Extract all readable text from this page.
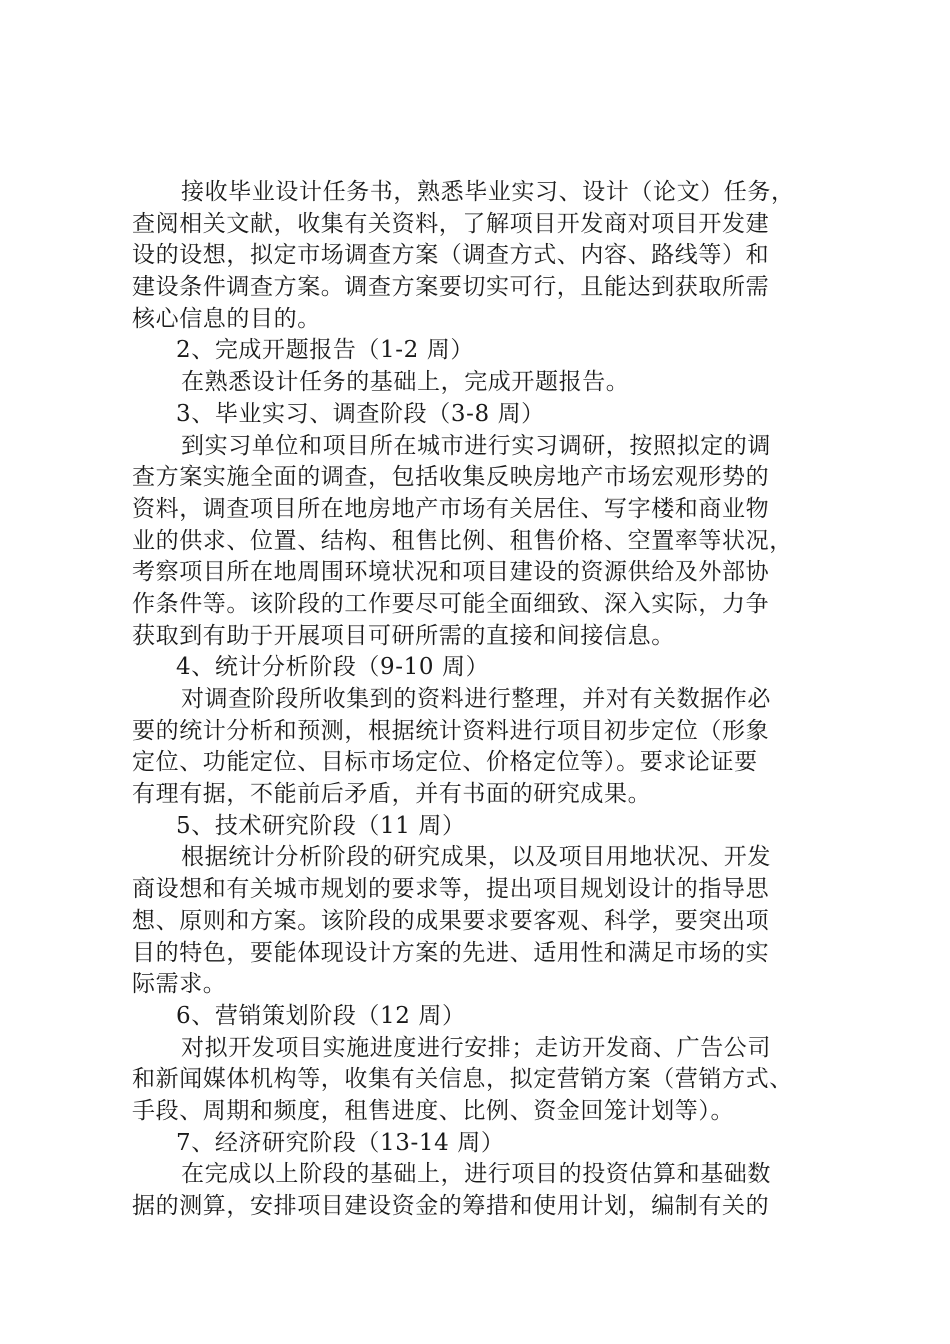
接收毕业设计任务书，熟悉毕业实习、设计（论文）任务，
查阅相关文献，收集有关资料，了解项目开发商对项目开发建
设的设想，拟定市场调查方案（调查方式、内容、路线等）和
建设条件调查方案。调查方案要切实可行，且能达到获取所需
核心信息的目的。
2、完成开题报告（1-2 周）
在熟悉设计任务的基础上，完成开题报告。
3、毕业实习、调查阶段（3-8 周）
到实习单位和项目所在城市进行实习调研，按照拟定的调
查方案实施全面的调查，包括收集反映房地产市场宏观形势的
资料，调查项目所在地房地产市场有关居住、写字楼和商业物
业的供求、位置、结构、租售比例、租售价格、空置率等状况，
考察项目所在地周围环境状况和项目建设的资源供给及外部协
作条件等。该阶段的工作要尽可能全面细致、深入实际，力争
获取到有助于开展项目可研所需的直接和间接信息。
4、统计分析阶段（9-10 周）
对调查阶段所收集到的资料进行整理，并对有关数据作必
要的统计分析和预测，根据统计资料进行项目初步定位（形象
定位、功能定位、目标市场定位、价格定位等）。要求论证要
有理有据，不能前后矛盾，并有书面的研究成果。
5、技术研究阶段（11 周）
根据统计分析阶段的研究成果，以及项目用地状况、开发
商设想和有关城市规划的要求等，提出项目规划设计的指导思
想、原则和方案。该阶段的成果要求要客观、科学，要突出项
目的特色，要能体现设计方案的先进、适用性和满足市场的实
际需求。
6、营销策划阶段（12 周）
对拟开发项目实施进度进行安排；走访开发商、广告公司
和新闻媒体机构等，收集有关信息，拟定营销方案（营销方式、
手段、周期和频度，租售进度、比例、资金回笼计划等）。
7、经济研究阶段（13-14 周）
在完成以上阶段的基础上，进行项目的投资估算和基础数
据的测算，安排项目建设资金的筹措和使用计划，编制有关的
